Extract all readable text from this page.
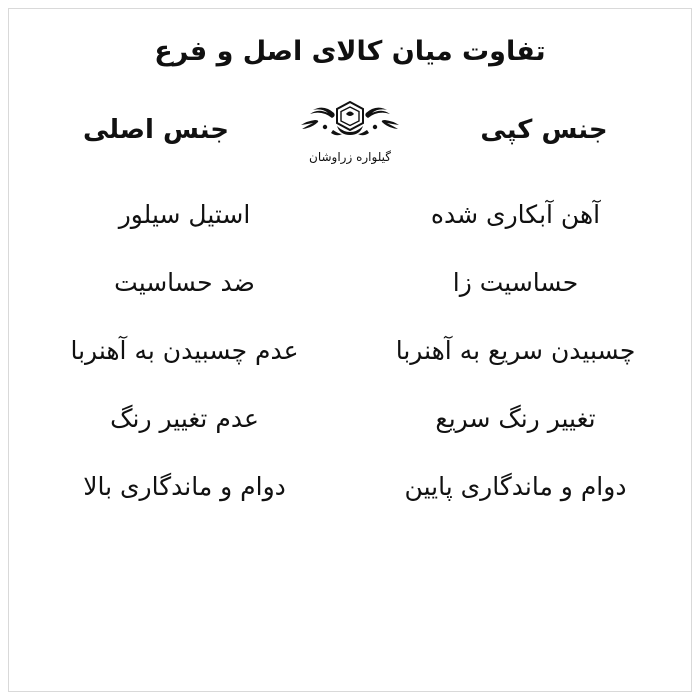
تفاوت میان کالای اصل و فرع
جنس کپی
گیلواره زراوشان
جنس اصلی
آهن آبکاری شده
استیل سیلور
حساسیت زا
ضد حساسیت
چسبیدن سریع به آهنربا
عدم چسبیدن به آهنربا
تغییر رنگ سریع
عدم تغییر رنگ
دوام و ماندگاری پایین
دوام و ماندگاری بالا
